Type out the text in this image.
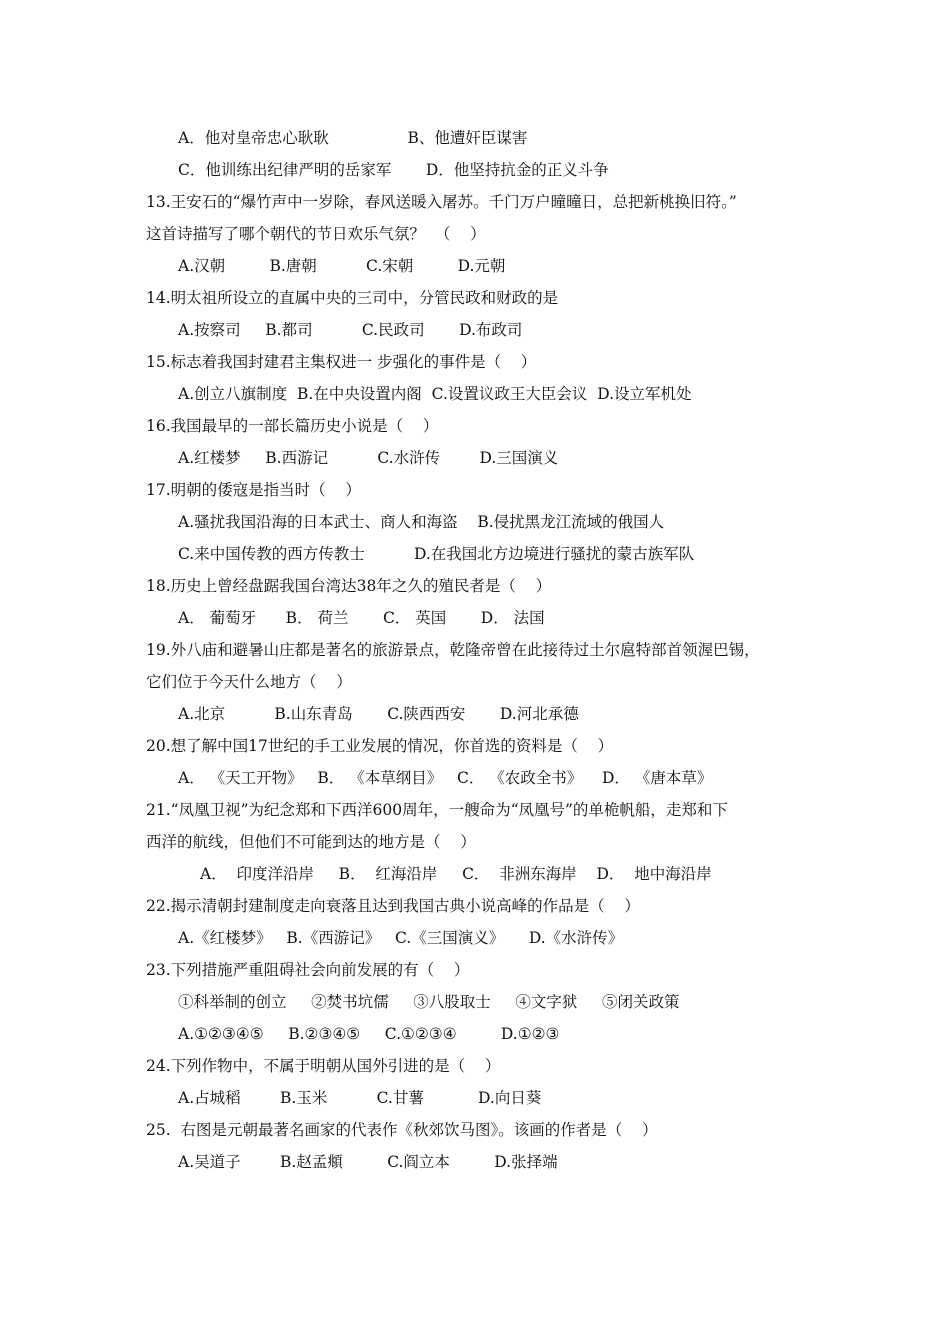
A．他对皇帝忠心耿耿                B、他遭奸臣谋害
C．他训练出纪律严明的岳家军       D．他坚持抗金的正义斗争
13.王安石的“爆竹声中一岁除，春风送暖入屠苏。千门万户曈曈日，总把新桃换旧符。”
这首诗描写了哪个朝代的节日欢乐气氛？  （    ）
A.汉朝         B.唐朝          C.宋朝         D.元朝
14.明太祖所设立的直属中央的三司中，分管民政和财政的是
A.按察司     B.都司          C.民政司       D.布政司
15.标志着我国封建君主集权进一 步强化的事件是（    ）
A.创立八旗制度  B.在中央设置内阁  C.设置议政王大臣会议  D.设立军机处
16.我国最早的一部长篇历史小说是（    ）
A.红楼梦     B.西游记          C.水浒传        D.三国演义
17.明朝的倭寇是指当时（    ）
A.骚扰我国沿海的日本武士、商人和海盗    B.侵扰黑龙江流域的俄国人
C.来中国传教的西方传教士          D.在我国北方边境进行骚扰的蒙古族军队
18.历史上曾经盘踞我国台湾达38年之久的殖民者是（    ）
A． 葡萄牙      B． 荷兰       C． 英国       D． 法国
19.外八庙和避暑山庄都是著名的旅游景点，乾隆帝曾在此接待过土尔扈特部首领渥巴锡，
它们位于今天什么地方（    ）
A.北京          B.山东青岛       C.陕西西安       D.河北承德
20.想了解中国17世纪的手工业发展的情况，你首选的资料是（    ）
A． 《天工开物》   B． 《本草纲目》   C． 《农政全书》    D． 《唐本草》
21.“凤凰卫视”为纪念郑和下西洋600周年，一艘命为“凤凰号”的单桅帆船，走郑和下
西洋的航线，但他们不可能到达的地方是（    ）
A．  印度洋沿岸     B．  红海沿岸     C．  非洲东海岸    D．  地中海沿岸
22.揭示清朝封建制度走向衰落且达到我国古典小说高峰的作品是（    ）
A.《红楼梦》   B.《西游记》   C.《三国演义》     D.《水浒传》
23.下列措施严重阻碍社会向前发展的有（    ）
①科举制的创立     ②焚书坑儒     ③八股取士     ④文字狱     ⑤闭关政策
A.①②③④⑤     B.②③④⑤     C.①②③④         D.①②③
24.下列作物中，不属于明朝从国外引进的是（    ）
A.占城稻        B.玉米          C.甘薯           D.向日葵
25.  右图是元朝最著名画家的代表作《秋郊饮马图》。该画的作者是（    ）
A.吴道子        B.赵孟頫         C.阎立本         D.张择端
